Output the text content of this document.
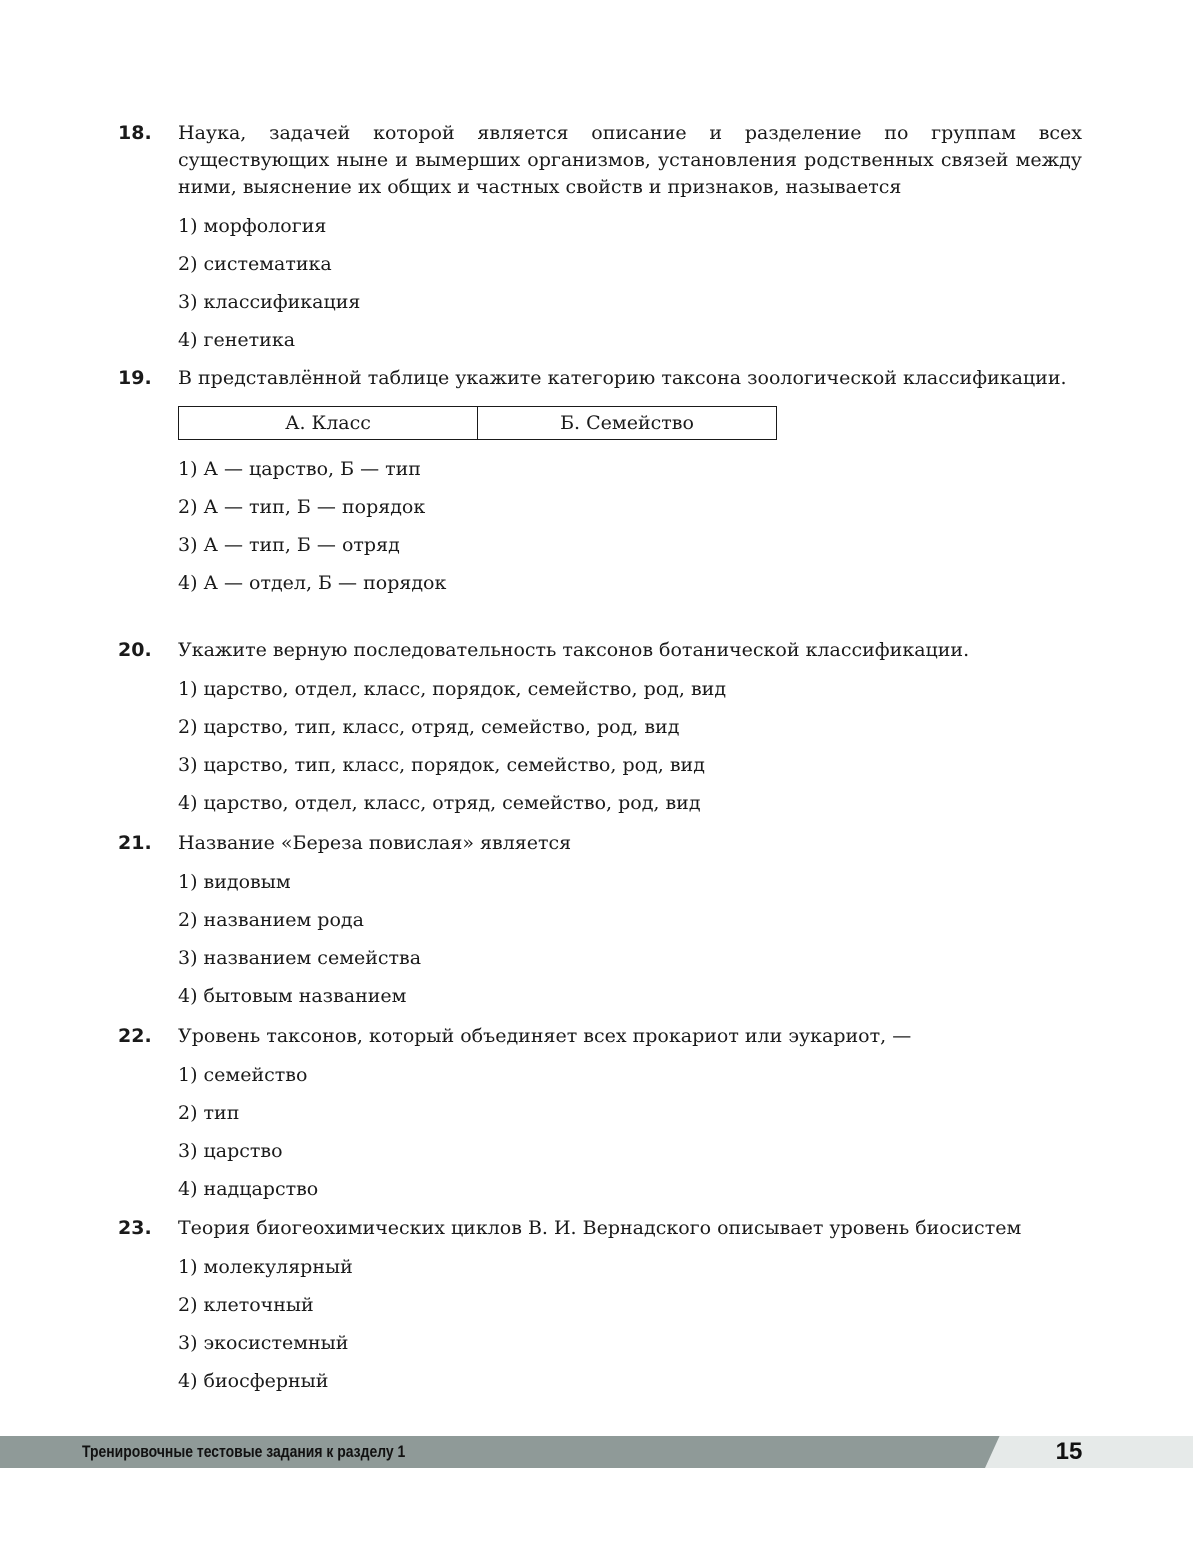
18. Наука, задачей которой является описание и разделение по группам всех существующих ныне и вымерших организмов, установления родственных связей между ними, выяснение их общих и частных свойств и признаков, называется
1) морфология
2) систематика
3) классификация
4) генетика
19. В представлённой таблице укажите категорию таксона зоологической классификации.
А. Класс	Б. Семейство
1) А — царство, Б — тип
2) А — тип, Б — порядок
3) А — тип, Б — отряд
4) А — отдел, Б — порядок
20. Укажите верную последовательность таксонов ботанической классификации.
1) царство, отдел, класс, порядок, семейство, род, вид
2) царство, тип, класс, отряд, семейство, род, вид
3) царство, тип, класс, порядок, семейство, род, вид
4) царство, отдел, класс, отряд, семейство, род, вид
21. Название «Береза повислая» является
1) видовым
2) названием рода
3) названием семейства
4) бытовым названием
22. Уровень таксонов, который объединяет всех прокариот или эукариот, —
1) семейство
2) тип
3) царство
4) надцарство
23. Теория биогеохимических циклов В. И. Вернадского описывает уровень биосистем
1) молекулярный
2) клеточный
3) экосистемный
4) биосферный
Тренировочные тестовые задания к разделу 1	15
